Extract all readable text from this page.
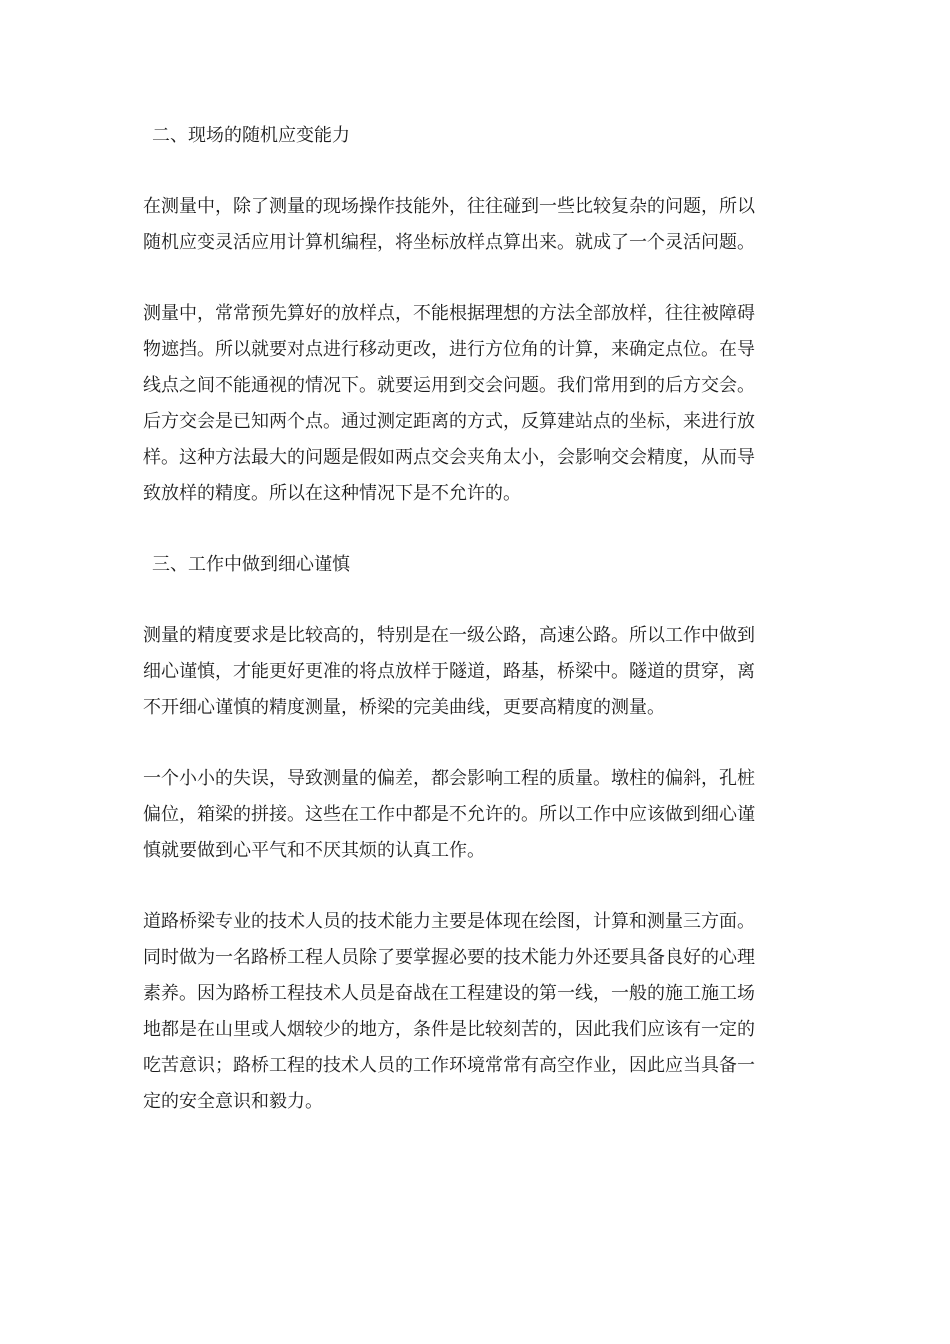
二、现场的随机应变能力

在测量中，除了测量的现场操作技能外，往往碰到一些比较复杂的问题，所以
随机应变灵活应用计算机编程，将坐标放样点算出来。就成了一个灵活问题。

测量中，常常预先算好的放样点，不能根据理想的方法全部放样，往往被障碍
物遮挡。所以就要对点进行移动更改，进行方位角的计算，来确定点位。在导
线点之间不能通视的情况下。就要运用到交会问题。我们常用到的后方交会。
后方交会是已知两个点。通过测定距离的方式，反算建站点的坐标，来进行放
样。这种方法最大的问题是假如两点交会夹角太小，会影响交会精度，从而导
致放样的精度。所以在这种情况下是不允许的。

三、工作中做到细心谨慎

测量的精度要求是比较高的，特别是在一级公路，高速公路。所以工作中做到
细心谨慎，才能更好更准的将点放样于隧道，路基，桥梁中。隧道的贯穿，离
不开细心谨慎的精度测量，桥梁的完美曲线，更要高精度的测量。

一个小小的失误，导致测量的偏差，都会影响工程的质量。墩柱的偏斜，孔桩
偏位，箱梁的拼接。这些在工作中都是不允许的。所以工作中应该做到细心谨
慎就要做到心平气和不厌其烦的认真工作。

道路桥梁专业的技术人员的技术能力主要是体现在绘图，计算和测量三方面。
同时做为一名路桥工程人员除了要掌握必要的技术能力外还要具备良好的心理
素养。因为路桥工程技术人员是奋战在工程建设的第一线，一般的施工施工场
地都是在山里或人烟较少的地方，条件是比较刻苦的，因此我们应该有一定的
吃苦意识；路桥工程的技术人员的工作环境常常有高空作业，因此应当具备一
定的安全意识和毅力。
